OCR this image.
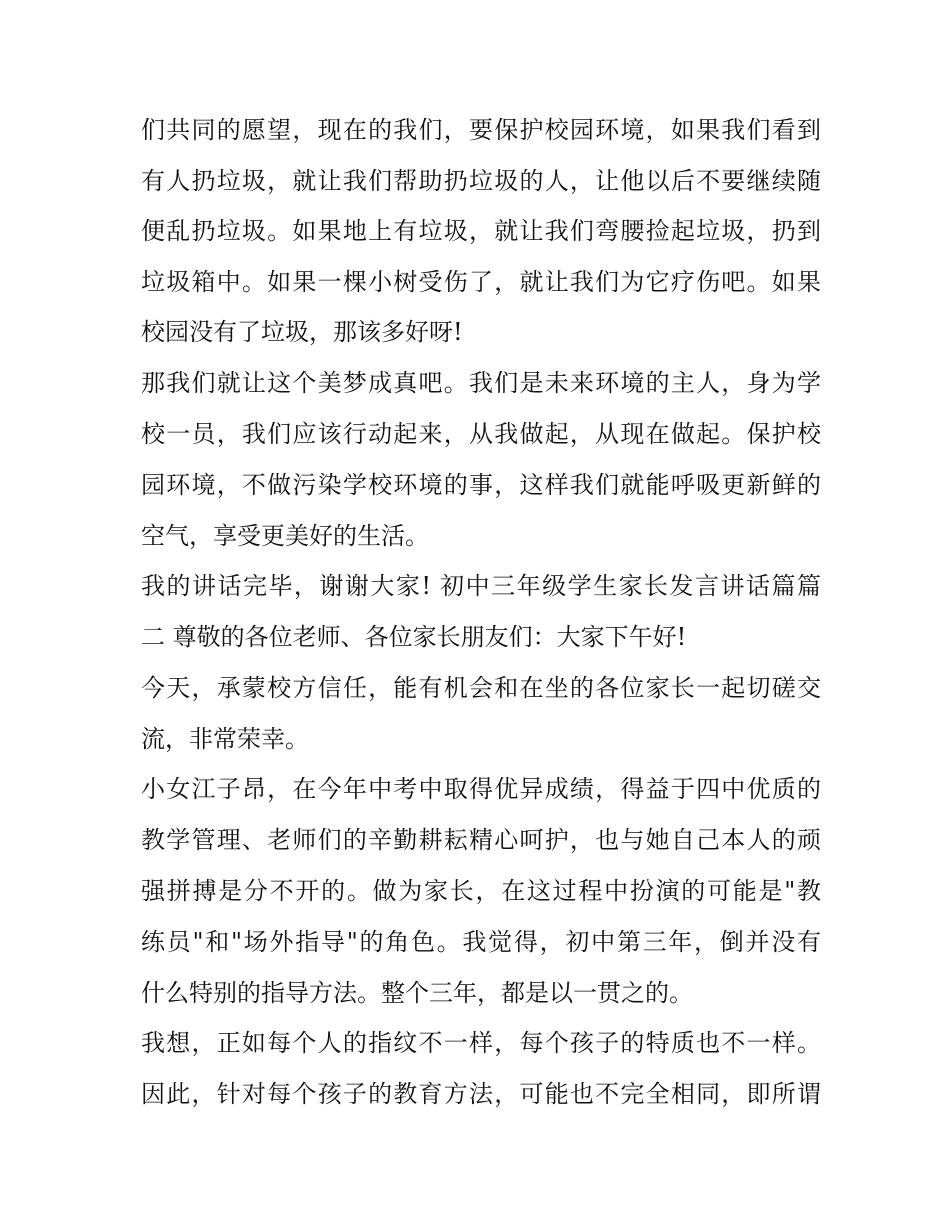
们共同的愿望，现在的我们，要保护校园环境，如果我们看到
有人扔垃圾，就让我们帮助扔垃圾的人，让他以后不要继续随
便乱扔垃圾。如果地上有垃圾，就让我们弯腰捡起垃圾，扔到
垃圾箱中。如果一棵小树受伤了，就让我们为它疗伤吧。如果
校园没有了垃圾，那该多好呀!
那我们就让这个美梦成真吧。我们是未来环境的主人，身为学
校一员，我们应该行动起来，从我做起，从现在做起。保护校
园环境，不做污染学校环境的事，这样我们就能呼吸更新鲜的
空气，享受更美好的生活。
我的讲话完毕，谢谢大家! 初中三年级学生家长发言讲话篇篇
二 尊敬的各位老师、各位家长朋友们：大家下午好!
今天，承蒙校方信任，能有机会和在坐的各位家长一起切磋交
流，非常荣幸。
小女江子昂，在今年中考中取得优异成绩，得益于四中优质的
教学管理、老师们的辛勤耕耘精心呵护，也与她自己本人的顽
强拼搏是分不开的。做为家长，在这过程中扮演的可能是"教
练员"和"场外指导"的角色。我觉得，初中第三年，倒并没有
什么特别的指导方法。整个三年，都是以一贯之的。
我想，正如每个人的指纹不一样，每个孩子的特质也不一样。
因此，针对每个孩子的教育方法，可能也不完全相同，即所谓
